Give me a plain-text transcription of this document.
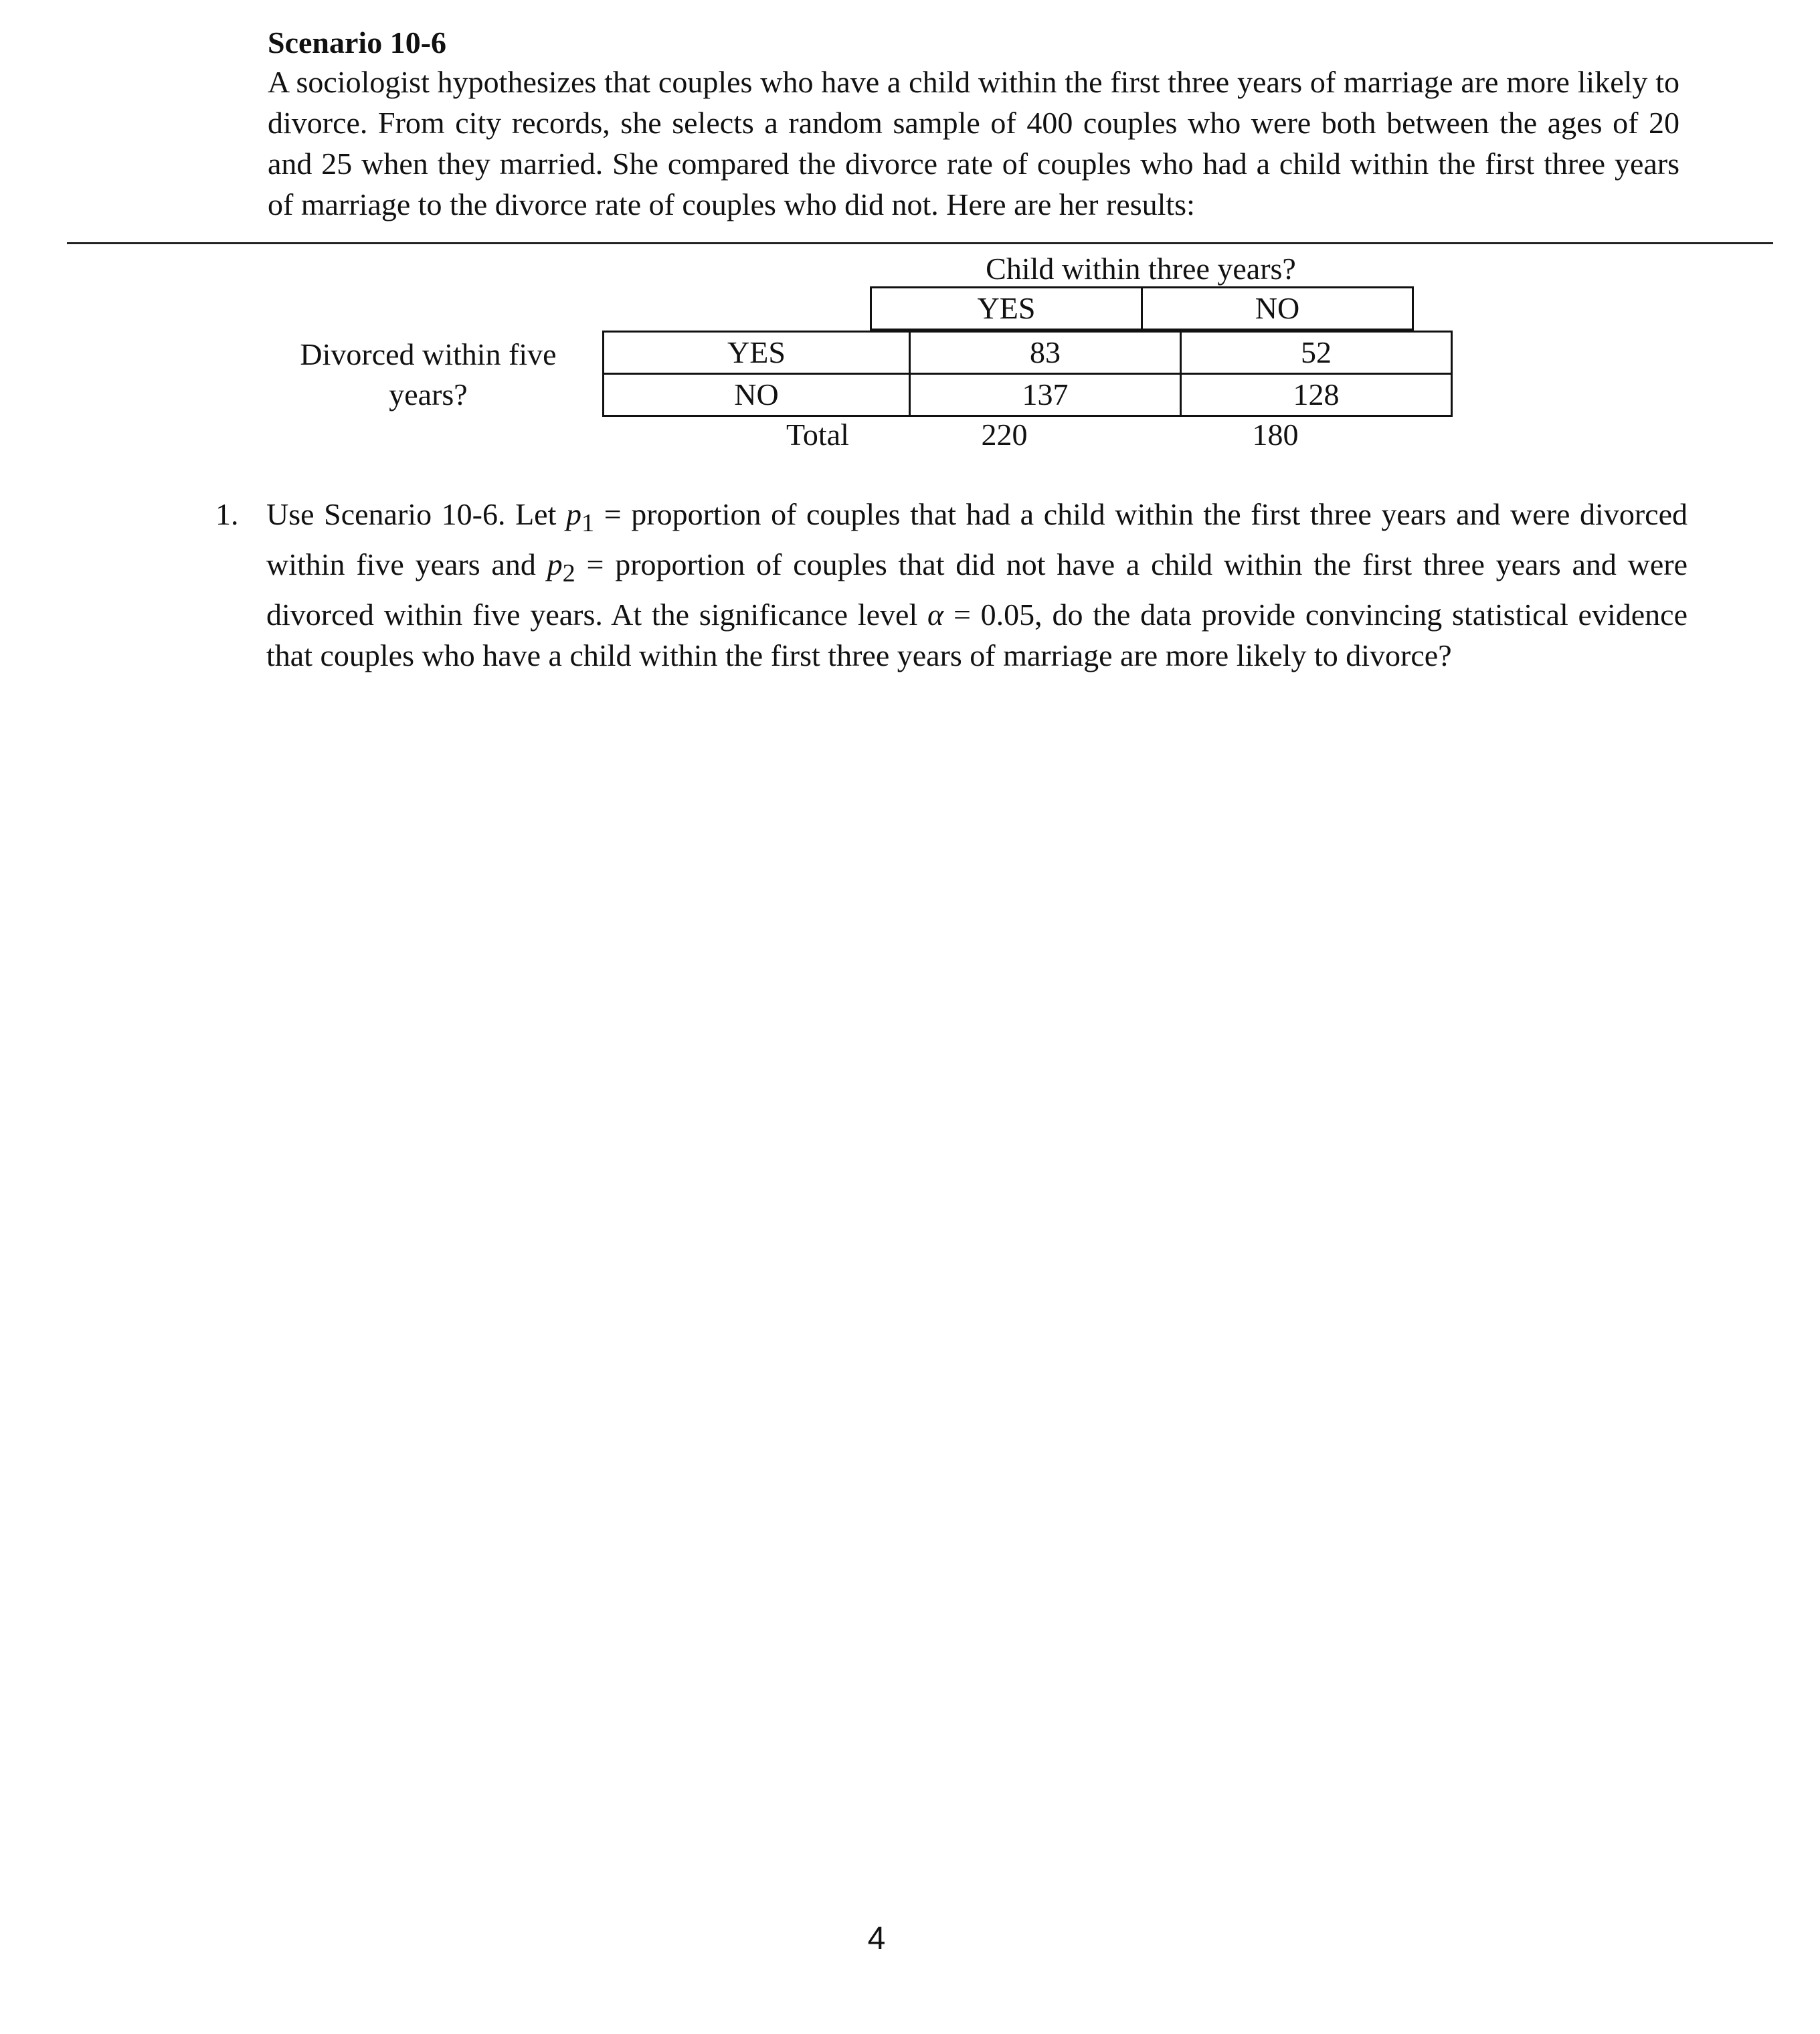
Scenario 10-6
A sociologist hypothesizes that couples who have a child within the first three years of marriage are more likely to divorce. From city records, she selects a random sample of 400 couples who were both between the ages of 20 and 25 when they married. She compared the divorce rate of couples who had a child within the first three years of marriage to the divorce rate of couples who did not. Here are her results:
Child within three years?
Divorced within five years?
YES	NO
YES	83	52
NO	137	128
Total	220	180
1. Use Scenario 10-6. Let $p_1$ = proportion of couples that had a child within the first three years and were divorced within five years and $p_2$ = proportion of couples that did not have a child within the first three years and were divorced within five years. At the significance level α = 0.05, do the data provide convincing statistical evidence that couples who have a child within the first three years of marriage are more likely to divorce?
4
